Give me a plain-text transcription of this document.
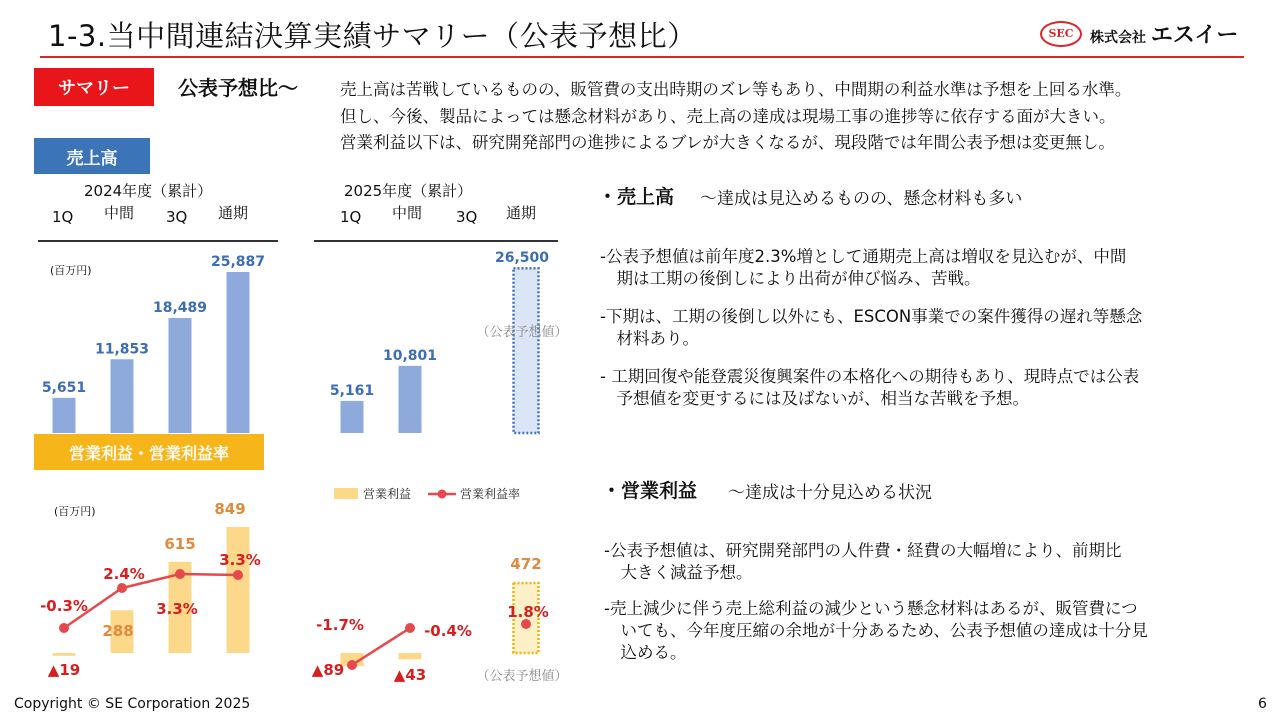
1-3.当中間連結決算実績サマリー（公表予想比）	SEC	株式会社 エスイー
サマリー	公表予想比～	売上高は苦戦しているものの、販管費の支出時期のズレ等もあり、中間期の利益水準は予想を上回る水準。
但し、今後、製品によっては懸念材料があり、売上高の達成は現場工事の進捗等に依存する面が大きい。
営業利益以下は、研究開発部門の進捗によるブレが大きくなるが、現段階では年間公表予想は変更無し。
売上高
2024年度（累計）	2025年度（累計）
1Q 中間 3Q 通期	1Q 中間 3Q 通期
(百万円)
営業利益・営業利益率
(百万円)
5,651
11,853
18,489
25,887
5,161
10,801
26,500
（公表予想値）
▲19
288
615
849
▲89	▲43
472
-0.3%
2.4%
3.3%
3.3%
-1.7%	-0.4%
1.8%
営業利益	営業利益率
（公表予想値）
・売上高 ～達成は見込めるものの、懸念材料も多い
-公表予想値は前年度2.3%増として通期売上高は増収を見込むが、中間
　期は工期の後倒しにより出荷が伸び悩み、苦戦。
-下期は、工期の後倒し以外にも、ESCON事業での案件獲得の遅れ等懸念
　材料あり。
- 工期回復や能登震災復興案件の本格化への期待もあり、現時点では公表
　予想値を変更するには及ばないが、相当な苦戦を予想。
・営業利益 ～達成は十分見込める状況
-公表予想値は、研究開発部門の人件費・経費の大幅増により、前期比
　大きく減益予想。
-売上減少に伴う売上総利益の減少という懸念材料はあるが、販管費につ
　いても、今年度圧縮の余地が十分あるため、公表予想値の達成は十分見
　込める。
Copyright © SE Corporation 2025	6
